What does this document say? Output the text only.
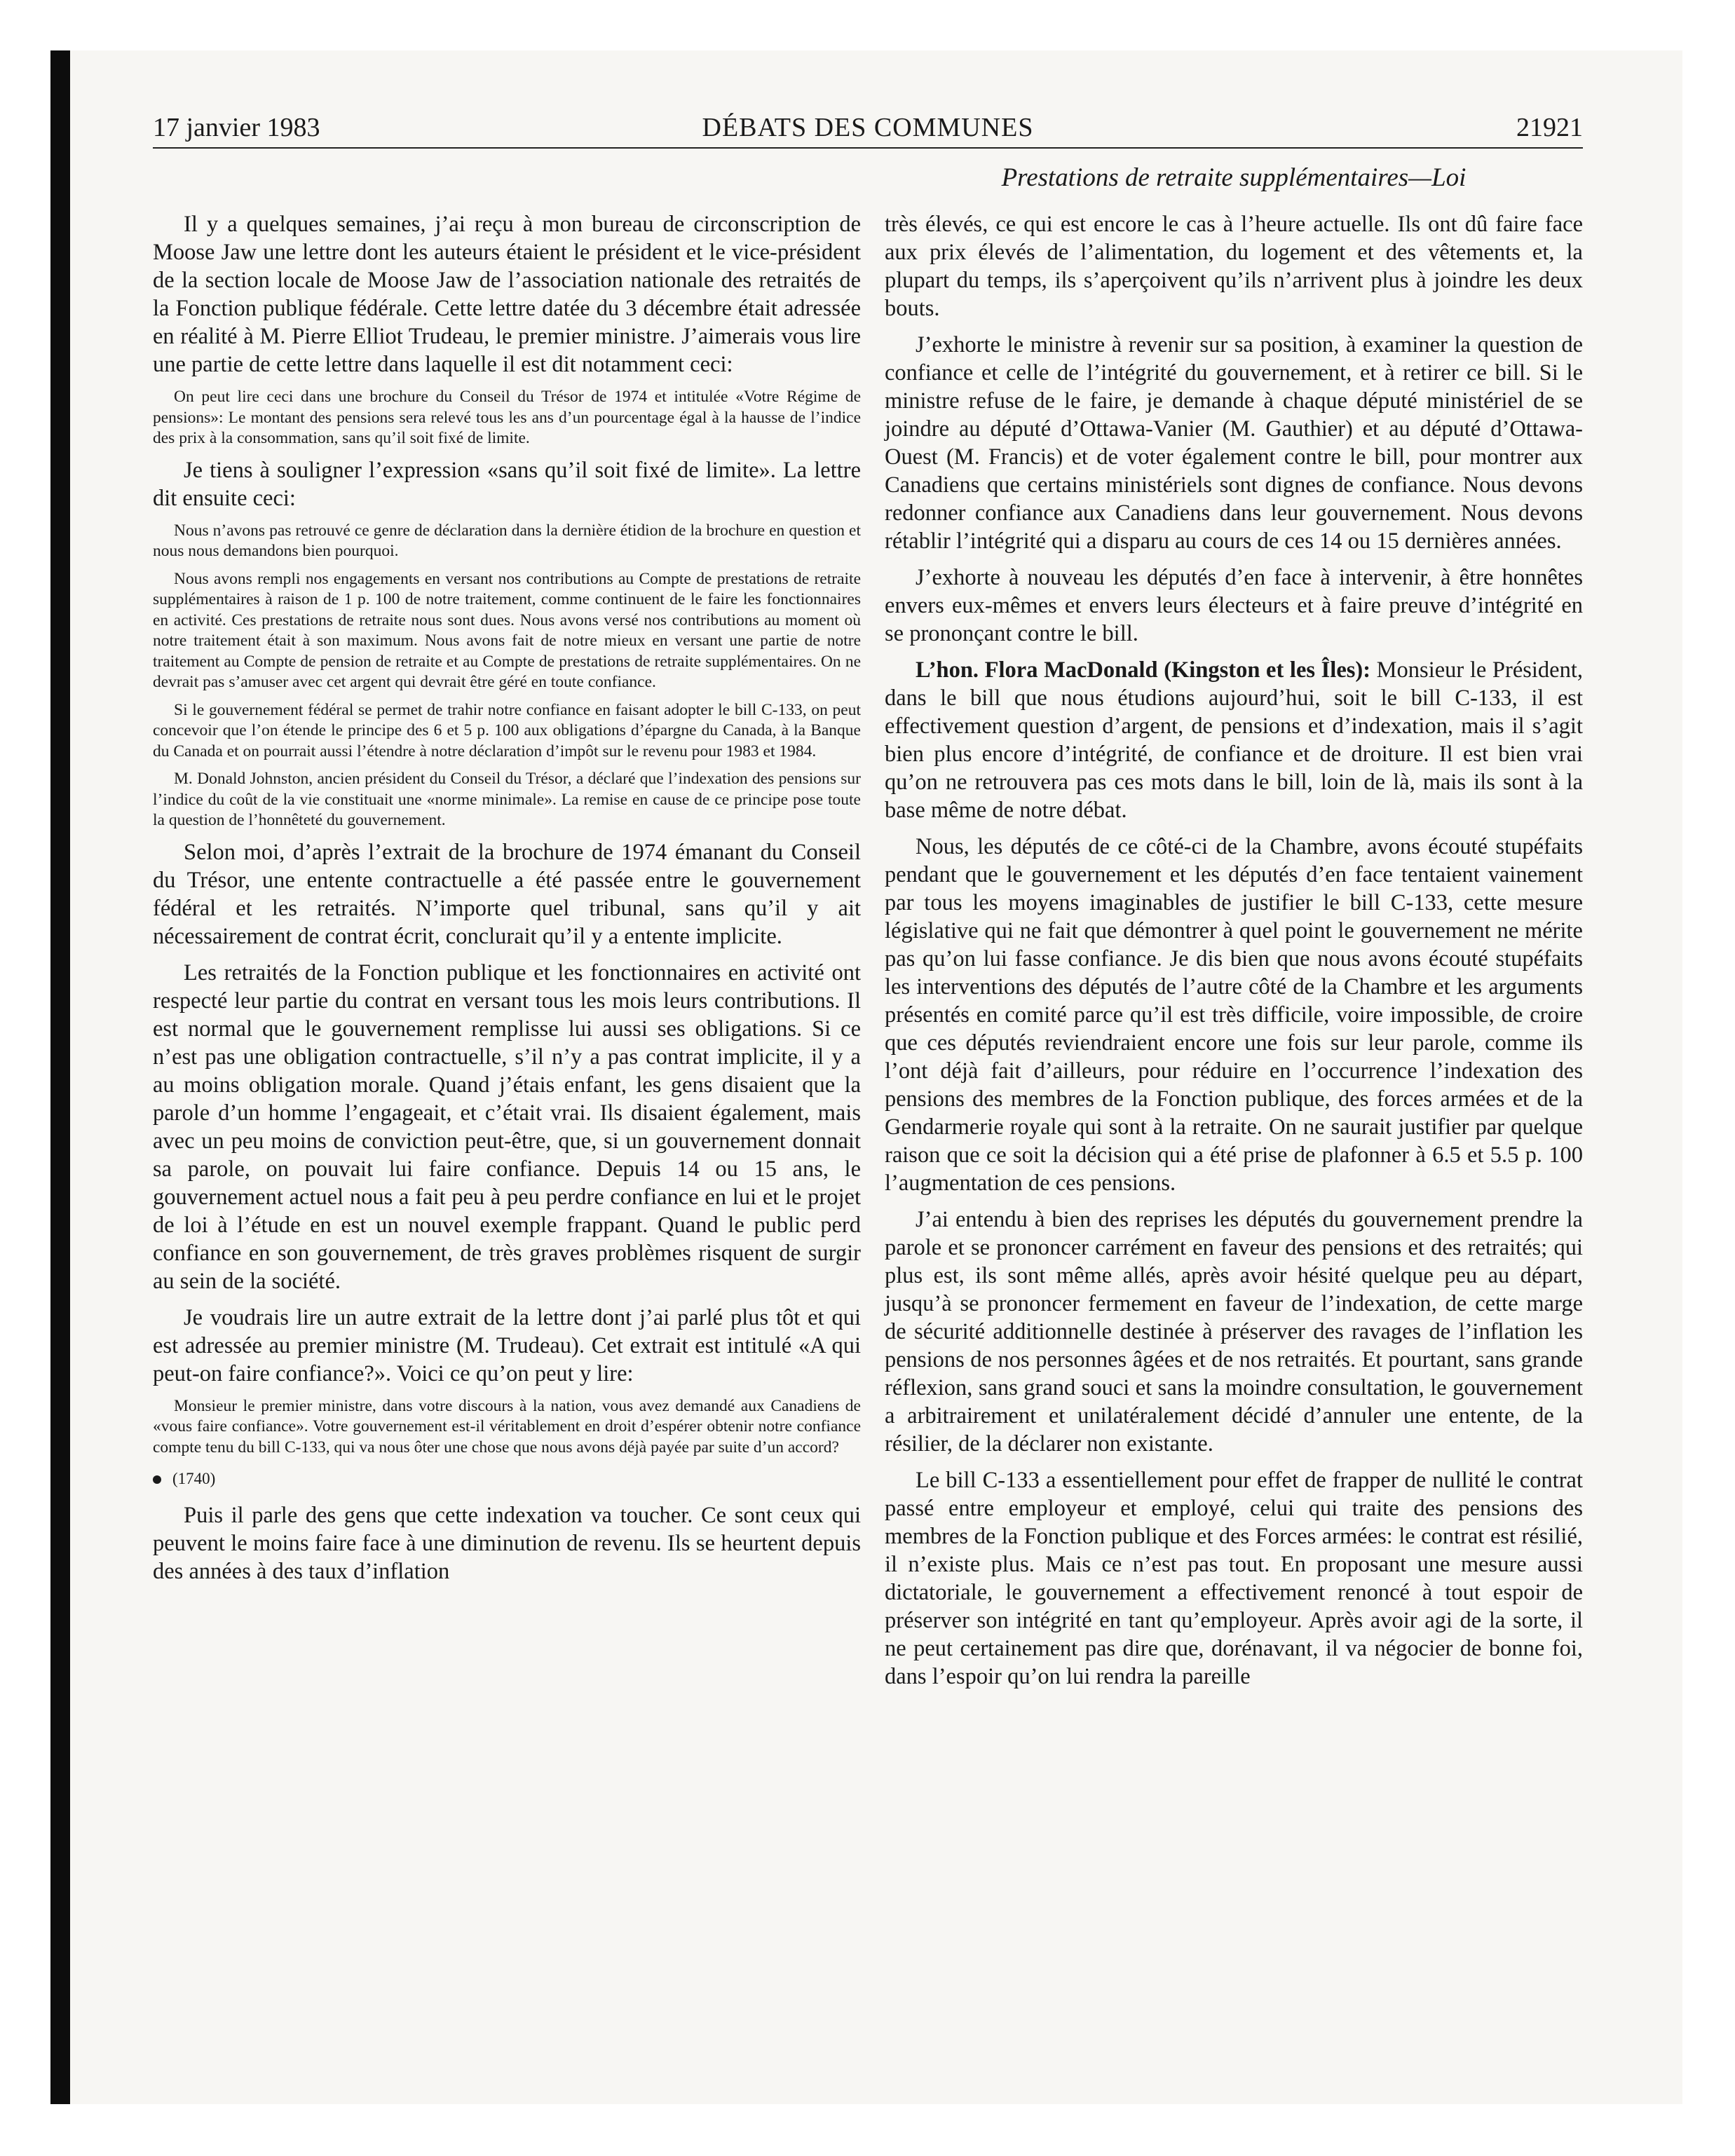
17 janvier 1983	DÉBATS DES COMMUNES	21921
Prestations de retraite supplémentaires—Loi

Il y a quelques semaines, j’ai reçu à mon bureau de circonscription de Moose Jaw une lettre dont les auteurs étaient le président et le vice-président de la section locale de Moose Jaw de l’association nationale des retraités de la Fonction publique fédérale. Cette lettre datée du 3 décembre était adressée en réalité à M. Pierre Elliot Trudeau, le premier ministre. J’aimerais vous lire une partie de cette lettre dans laquelle il est dit notamment ceci:

On peut lire ceci dans une brochure du Conseil du Trésor de 1974 et intitulée «Votre Régime de pensions»: Le montant des pensions sera relevé tous les ans d’un pourcentage égal à la hausse de l’indice des prix à la consommation, sans qu’il soit fixé de limite.

Je tiens à souligner l’expression «sans qu’il soit fixé de limite». La lettre dit ensuite ceci:

Nous n’avons pas retrouvé ce genre de déclaration dans la dernière étidion de la brochure en question et nous nous demandons bien pourquoi.

Nous avons rempli nos engagements en versant nos contributions au Compte de prestations de retraite supplémentaires à raison de 1 p. 100 de notre traitement, comme continuent de le faire les fonctionnaires en activité. Ces prestations de retraite nous sont dues. Nous avons versé nos contributions au moment où notre traitement était à son maximum. Nous avons fait de notre mieux en versant une partie de notre traitement au Compte de pension de retraite et au Compte de prestations de retraite supplémentaires. On ne devrait pas s’amuser avec cet argent qui devrait être géré en toute confiance.

Si le gouvernement fédéral se permet de trahir notre confiance en faisant adopter le bill C-133, on peut concevoir que l’on étende le principe des 6 et 5 p. 100 aux obligations d’épargne du Canada, à la Banque du Canada et on pourrait aussi l’étendre à notre déclaration d’impôt sur le revenu pour 1983 et 1984.

M. Donald Johnston, ancien président du Conseil du Trésor, a déclaré que l’indexation des pensions sur l’indice du coût de la vie constituait une «norme minimale». La remise en cause de ce principe pose toute la question de l’honnêteté du gouvernement.

Selon moi, d’après l’extrait de la brochure de 1974 émanant du Conseil du Trésor, une entente contractuelle a été passée entre le gouvernement fédéral et les retraités. N’importe quel tribunal, sans qu’il y ait nécessairement de contrat écrit, conclurait qu’il y a entente implicite.

Les retraités de la Fonction publique et les fonctionnaires en activité ont respecté leur partie du contrat en versant tous les mois leurs contributions. Il est normal que le gouvernement remplisse lui aussi ses obligations. Si ce n’est pas une obligation contractuelle, s’il n’y a pas contrat implicite, il y a au moins obligation morale. Quand j’étais enfant, les gens disaient que la parole d’un homme l’engageait, et c’était vrai. Ils disaient également, mais avec un peu moins de conviction peut-être, que, si un gouvernement donnait sa parole, on pouvait lui faire confiance. Depuis 14 ou 15 ans, le gouvernement actuel nous a fait peu à peu perdre confiance en lui et le projet de loi à l’étude en est un nouvel exemple frappant. Quand le public perd confiance en son gouvernement, de très graves problèmes risquent de surgir au sein de la société.

Je voudrais lire un autre extrait de la lettre dont j’ai parlé plus tôt et qui est adressée au premier ministre (M. Trudeau). Cet extrait est intitulé «A qui peut-on faire confiance?». Voici ce qu’on peut y lire:

Monsieur le premier ministre, dans votre discours à la nation, vous avez demandé aux Canadiens de «vous faire confiance». Votre gouvernement est-il véritablement en droit d’espérer obtenir notre confiance compte tenu du bill C-133, qui va nous ôter une chose que nous avons déjà payée par suite d’un accord?

(1740)

Puis il parle des gens que cette indexation va toucher. Ce sont ceux qui peuvent le moins faire face à une diminution de revenu. Ils se heurtent depuis des années à des taux d’inflation

très élevés, ce qui est encore le cas à l’heure actuelle. Ils ont dû faire face aux prix élevés de l’alimentation, du logement et des vêtements et, la plupart du temps, ils s’aperçoivent qu’ils n’arrivent plus à joindre les deux bouts.

J’exhorte le ministre à revenir sur sa position, à examiner la question de confiance et celle de l’intégrité du gouvernement, et à retirer ce bill. Si le ministre refuse de le faire, je demande à chaque député ministériel de se joindre au député d’Ottawa-Vanier (M. Gauthier) et au député d’Ottawa-Ouest (M. Francis) et de voter également contre le bill, pour montrer aux Canadiens que certains ministériels sont dignes de confiance. Nous devons redonner confiance aux Canadiens dans leur gouvernement. Nous devons rétablir l’intégrité qui a disparu au cours de ces 14 ou 15 dernières années.

J’exhorte à nouveau les députés d’en face à intervenir, à être honnêtes envers eux-mêmes et envers leurs électeurs et à faire preuve d’intégrité en se prononçant contre le bill.

L’hon. Flora MacDonald (Kingston et les Îles): Monsieur le Président, dans le bill que nous étudions aujourd’hui, soit le bill C-133, il est effectivement question d’argent, de pensions et d’indexation, mais il s’agit bien plus encore d’intégrité, de confiance et de droiture. Il est bien vrai qu’on ne retrouvera pas ces mots dans le bill, loin de là, mais ils sont à la base même de notre débat.

Nous, les députés de ce côté-ci de la Chambre, avons écouté stupéfaits pendant que le gouvernement et les députés d’en face tentaient vainement par tous les moyens imaginables de justifier le bill C-133, cette mesure législative qui ne fait que démontrer à quel point le gouvernement ne mérite pas qu’on lui fasse confiance. Je dis bien que nous avons écouté stupéfaits les interventions des députés de l’autre côté de la Chambre et les arguments présentés en comité parce qu’il est très difficile, voire impossible, de croire que ces députés reviendraient encore une fois sur leur parole, comme ils l’ont déjà fait d’ailleurs, pour réduire en l’occurrence l’indexation des pensions des membres de la Fonction publique, des forces armées et de la Gendarmerie royale qui sont à la retraite. On ne saurait justifier par quelque raison que ce soit la décision qui a été prise de plafonner à 6.5 et 5.5 p. 100 l’augmentation de ces pensions.

J’ai entendu à bien des reprises les députés du gouvernement prendre la parole et se prononcer carrément en faveur des pensions et des retraités; qui plus est, ils sont même allés, après avoir hésité quelque peu au départ, jusqu’à se prononcer fermement en faveur de l’indexation, de cette marge de sécurité additionnelle destinée à préserver des ravages de l’inflation les pensions de nos personnes âgées et de nos retraités. Et pourtant, sans grande réflexion, sans grand souci et sans la moindre consultation, le gouvernement a arbitrairement et unilatéralement décidé d’annuler une entente, de la résilier, de la déclarer non existante.

Le bill C-133 a essentiellement pour effet de frapper de nullité le contrat passé entre employeur et employé, celui qui traite des pensions des membres de la Fonction publique et des Forces armées: le contrat est résilié, il n’existe plus. Mais ce n’est pas tout. En proposant une mesure aussi dictatoriale, le gouvernement a effectivement renoncé à tout espoir de préserver son intégrité en tant qu’employeur. Après avoir agi de la sorte, il ne peut certainement pas dire que, dorénavant, il va négocier de bonne foi, dans l’espoir qu’on lui rendra la pareille
